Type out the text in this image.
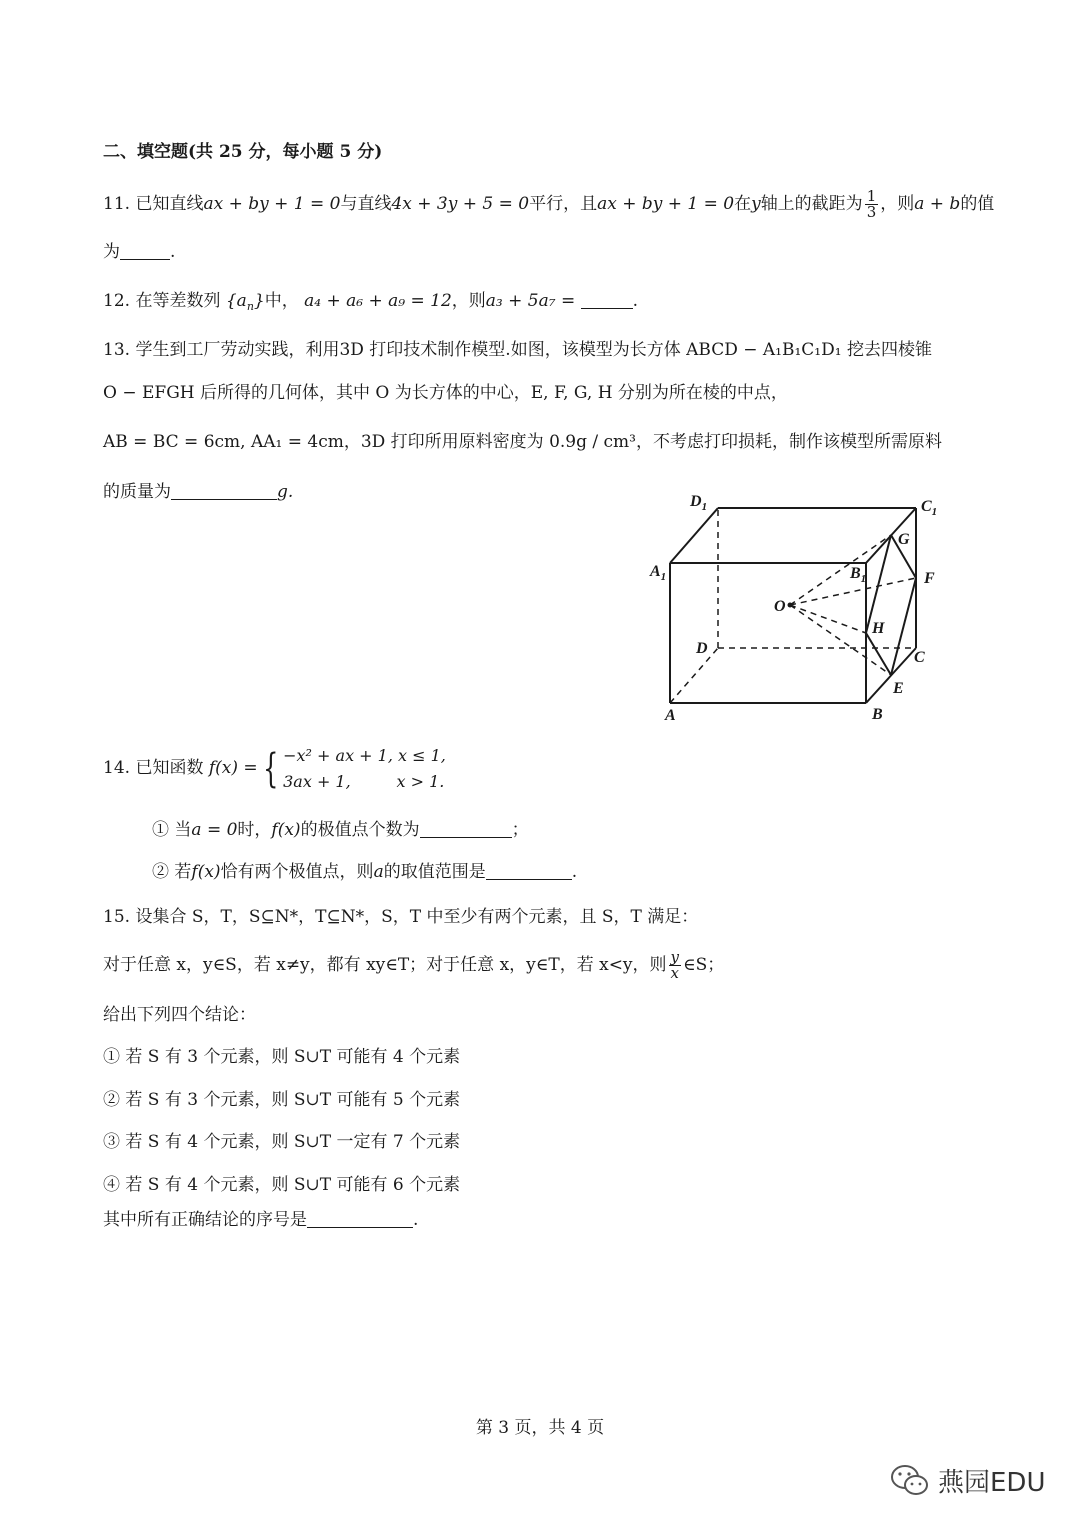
二、填空题(共 25 分，每小题 5 分)
11. 已知直线ax + by + 1 = 0与直线4x + 3y + 5 = 0平行，且ax + by + 1 = 0在y轴上的截距为 $\frac{1}{3}$ ，则a + b的值
为	.
12. 在等差数列 $\{a_n\}$中， a₄ + a₆ + a₉ = 12，则a₃ + 5a₇ =	.
13. 学生到工厂劳动实践，利用3D 打印技术制作模型.如图，该模型为长方体 ABCD − A₁B₁C₁D₁ 挖去四棱锥
O − EFGH 后所得的几何体，其中 O 为长方体的中心，E, F, G, H 分别为所在棱的中点，
AB = BC = 6cm, AA₁ = 4cm，3D 打印所用原料密度为 0.9g / cm³，不考虑打印损耗，制作该模型所需原料
的质量为	g.	$D_1$	$C_1$
$A_1$	$B_1$
G
F
O
H
D
C
E
A	B
14. 已知函数 f(x) = { −x² + ax + 1, x ≤ 1,
3ax + 1,         x > 1.
① 当a = 0时，f(x)的极值点个数为	；
② 若f(x)恰有两个极值点，则a的取值范围是	.
15. 设集合 S，T，S⊆N*，T⊆N*，S，T 中至少有两个元素，且 S，T 满足：
对于任意 x，y∈S，若 x≠y，都有 xy∈T；对于任意 x，y∈T，若 x<y，则 $\frac{y}{x}$ ∈S；
给出下列四个结论：
① 若 S 有 3 个元素，则 S∪T 可能有 4 个元素
② 若 S 有 3 个元素，则 S∪T 可能有 5 个元素
③ 若 S 有 4 个元素，则 S∪T 一定有 7 个元素
④ 若 S 有 4 个元素，则 S∪T 可能有 6 个元素
其中所有正确结论的序号是	.
第 3 页，共 4 页
燕园EDU
